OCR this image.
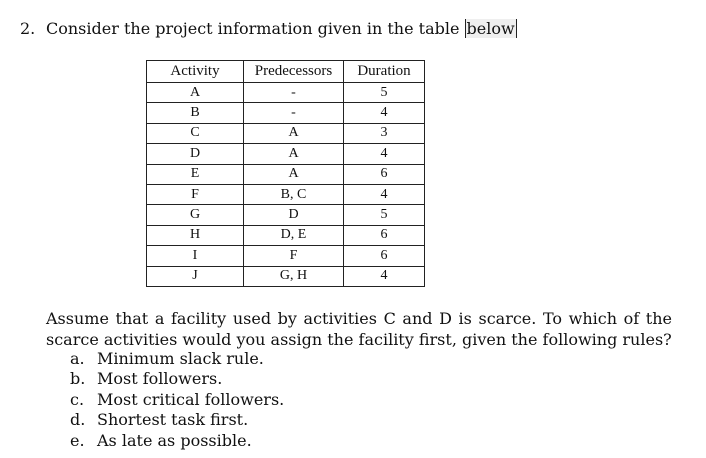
2. Consider the project information given in the table below
Activity	Predecessors	Duration
A	-	5
B	-	4
C	A	3
D	A	4
E	A	6
F	B, C	4
G	D	5
H	D, E	6
I	F	6
J	G, H	4
Assume that a facility used by activities C and D is scarce. To which of the scarce activities would you assign the facility first, given the following rules?
a. Minimum slack rule.
b. Most followers.
c. Most critical followers.
d. Shortest task first.
e. As late as possible.
